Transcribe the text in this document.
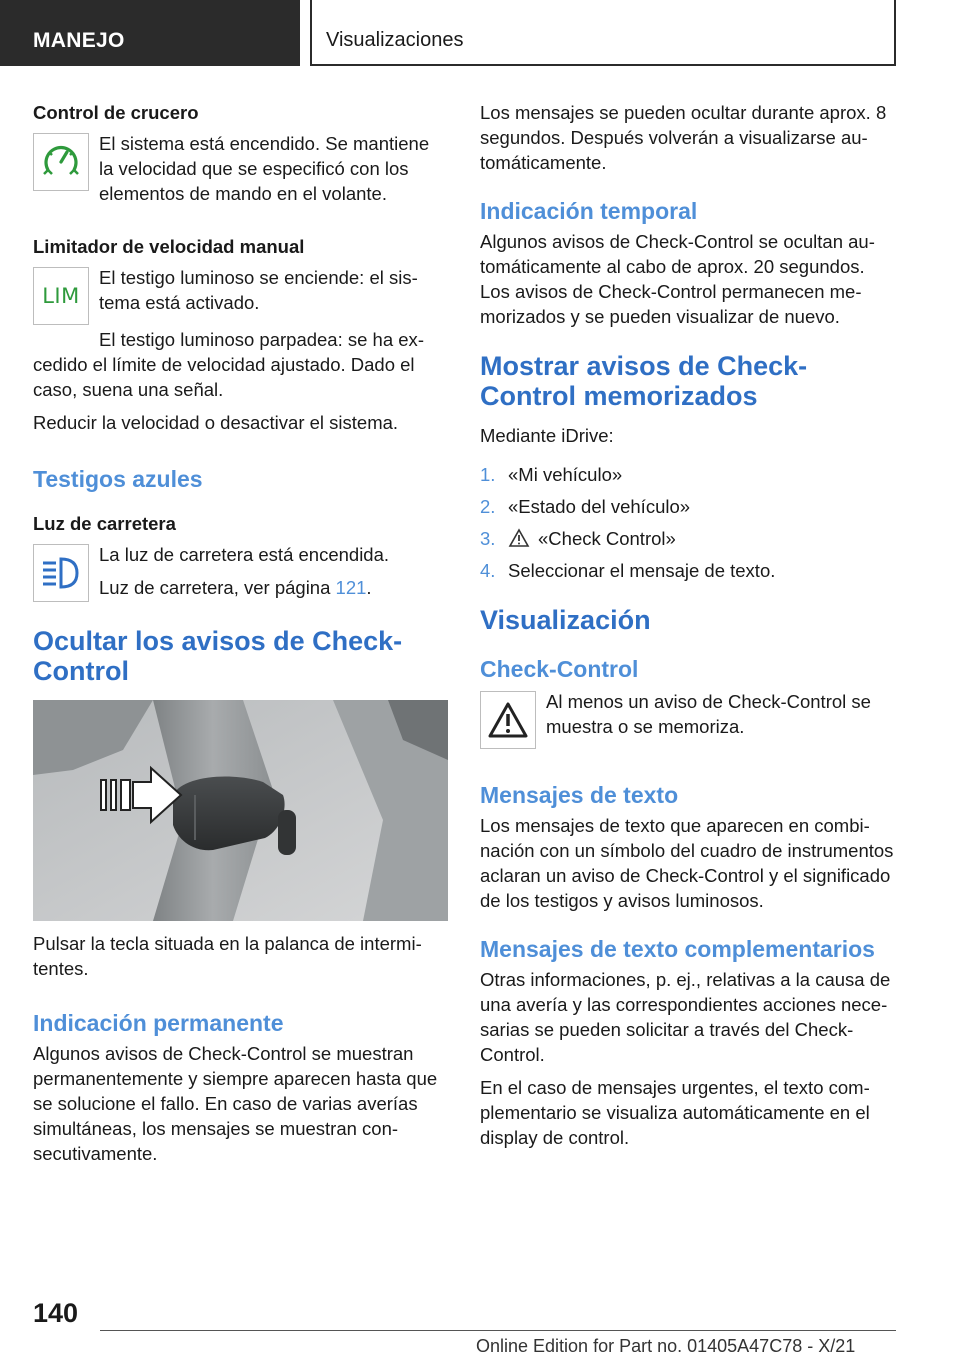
MANEJO	Visualizaciones
Control de crucero
El sistema está encendido. Se mantiene la velocidad que se especificó con los elementos de mando en el volante.
Limitador de velocidad manual
LIM
El testigo luminoso se enciende: el sistema está activado.

El testigo luminoso parpadea: se ha excedido el límite de velocidad ajustado. Dado el caso, suena una señal.

Reducir la velocidad o desactivar el sistema.

Testigos azules
Luz de carretera

La luz de carretera está encendida.

Luz de carretera, ver página 121.

Ocultar los avisos de Check-Control

Pulsar la tecla situada en la palanca de intermitentes.

Indicación permanente

Algunos avisos de Check-Control se muestran permanentemente y siempre aparecen hasta que se solucione el fallo. En caso de varias averías simultáneas, los mensajes se muestran consecutivamente.

Los mensajes se pueden ocultar durante aprox. 8 segundos. Después volverán a visualizarse automáticamente.

Indicación temporal

Algunos avisos de Check-Control se ocultan automáticamente al cabo de aprox. 20 segundos. Los avisos de Check-Control permanecen memorizados y se pueden visualizar de nuevo.

Mostrar avisos de Check-Control memorizados

Mediante iDrive:

1. «Mi vehículo»
2. «Estado del vehículo»
3.	«Check Control»
4. Seleccionar el mensaje de texto.
Visualización
Check-Control
Al menos un aviso de Check-Control se muestra o se memoriza.
Mensajes de texto

Los mensajes de texto que aparecen en combinación con un símbolo del cuadro de instrumentos aclaran un aviso de Check-Control y el significado de los testigos y avisos luminosos.

Mensajes de texto complementarios

Otras informaciones, p. ej., relativas a la causa de una avería y las correspondientes acciones necesarias se pueden solicitar a través del Check-Control.

En el caso de mensajes urgentes, el texto complementario se visualiza automáticamente en el display de control.

140
Online Edition for Part no. 01405A47C78 - X/21
